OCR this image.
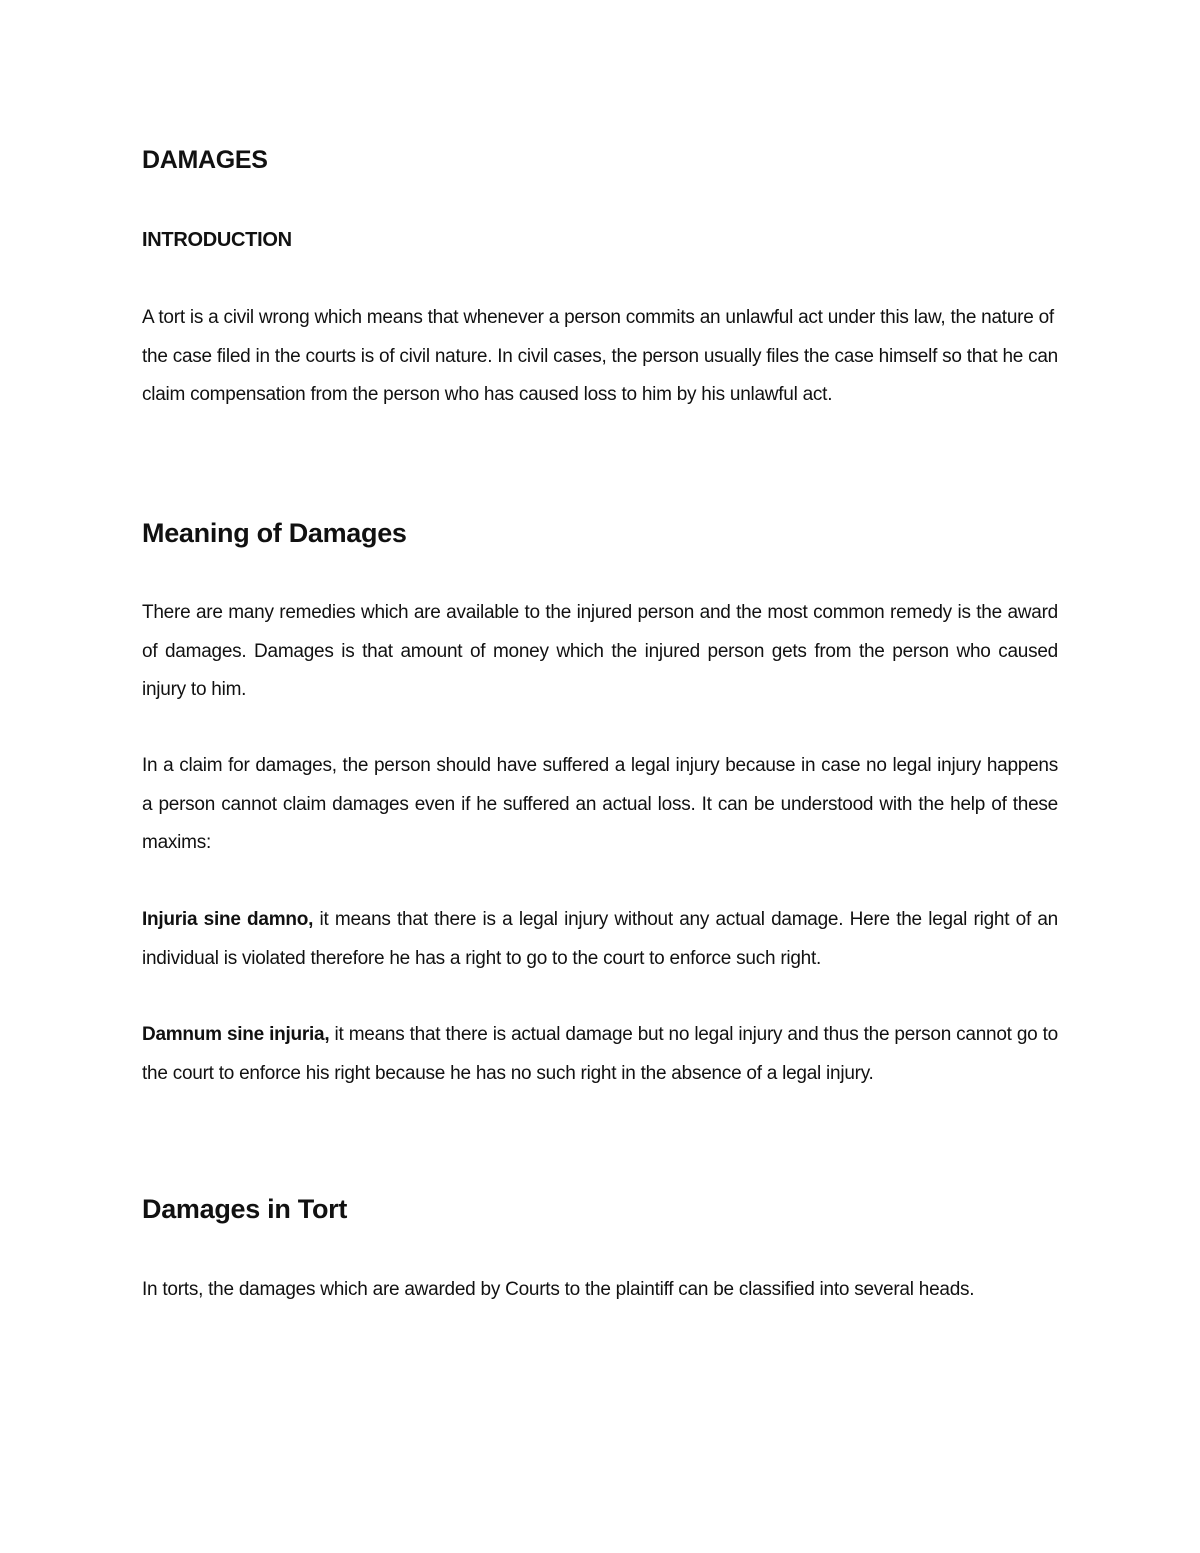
DAMAGES
INTRODUCTION

A tort is a civil wrong which means that whenever a person commits an unlawful act under this law, the nature of the case filed in the courts is of civil nature. In civil cases, the person usually files the case himself so that he can claim compensation from the person who has caused loss to him by his unlawful act.

Meaning of Damages

There are many remedies which are available to the injured person and the most common remedy is the award of damages. Damages is that amount of money which the injured person gets from the person who caused injury to him.

In a claim for damages, the person should have suffered a legal injury because in case no legal injury happens a person cannot claim damages even if he suffered an actual loss. It can be understood with the help of these maxims:

Injuria sine damno, it means that there is a legal injury without any actual damage. Here the legal right of an individual is violated therefore he has a right to go to the court to enforce such right.

Damnum sine injuria, it means that there is actual damage but no legal injury and thus the person cannot go to the court to enforce his right because he has no such right in the absence of a legal injury.

Damages in Tort

In torts, the damages which are awarded by Courts to the plaintiff can be classified into several heads.
